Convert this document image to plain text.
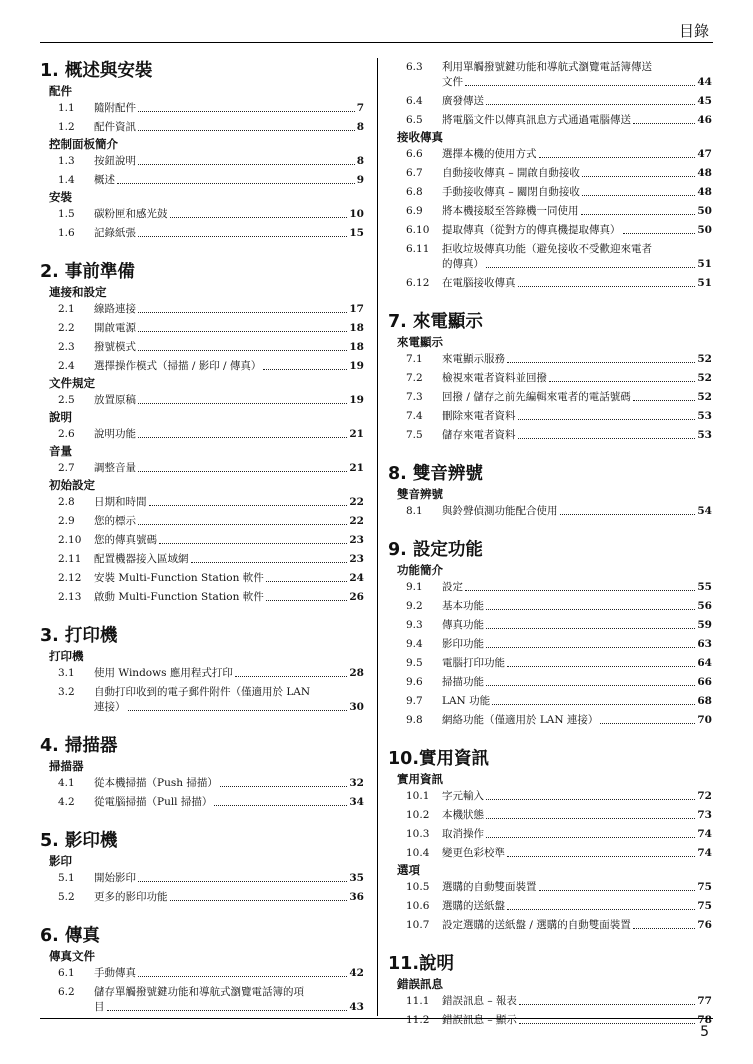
目錄
1. 概述與安裝
配件
1.1	隨附配件	7
1.2	配件資訊	8
控制面板簡介
1.3	按鈕說明	8
1.4	概述	9
安裝
1.5	碳粉匣和感光鼓	10
1.6	記錄紙張	15
2. 事前準備
連接和設定
2.1	線路連接	17
2.2	開啟電源	18
2.3	撥號模式	18
2.4	選擇操作模式（掃描 / 影印 / 傳真）	19
文件規定
2.5	放置原稿	19
說明
2.6	說明功能	21
音量
2.7	調整音量	21
初始設定
2.8	日期和時間	22
2.9	您的標示	22
2.10	您的傳真號碼	23
2.11	配置機器接入區域網	23
2.12	安裝 Multi-Function Station 軟件	24
2.13	啟動 Multi-Function Station 軟件	26
3. 打印機
打印機
3.1	使用 Windows 應用程式打印	28
3.2	自動打印收到的電子郵件附件（僅適用於 LAN
連接）	30
4. 掃描器
掃描器
4.1	從本機掃描（Push 掃描）	32
4.2	從電腦掃描（Pull 掃描）	34
5. 影印機
影印
5.1	開始影印	35
5.2	更多的影印功能	36
6. 傳真
傳真文件
6.1	手動傳真	42
6.2	儲存單觸撥號鍵功能和導航式瀏覽電話簿的項
目	43
6.3	利用單觸撥號鍵功能和導航式瀏覽電話簿傳送
文件	44
6.4	廣發傳送	45
6.5	將電腦文件以傳真訊息方式通過電腦傳送	46
接收傳真
6.6	選擇本機的使用方式	47
6.7	自動接收傳真 – 開啟自動接收	48
6.8	手動接收傳真 – 關閉自動接收	48
6.9	將本機接駁至答錄機一同使用	50
6.10	提取傳真（從對方的傳真機提取傳真）	50
6.11	拒收垃圾傳真功能（避免接收不受歡迎來電者
的傳真）	51
6.12	在電腦接收傳真	51
7. 來電顯示
來電顯示
7.1	來電顯示服務	52
7.2	檢視來電者資料並回撥	52
7.3	回撥 / 儲存之前先編輯來電者的電話號碼	52
7.4	刪除來電者資料	53
7.5	儲存來電者資料	53
8. 雙音辨號
雙音辨號
8.1	與鈴聲偵測功能配合使用	54
9. 設定功能
功能簡介
9.1	設定	55
9.2	基本功能	56
9.3	傳真功能	59
9.4	影印功能	63
9.5	電腦打印功能	64
9.6	掃描功能	66
9.7	LAN 功能	68
9.8	網絡功能（僅適用於 LAN 連接）	70
10.實用資訊
實用資訊
10.1	字元輸入	72
10.2	本機狀態	73
10.3	取消操作	74
10.4	變更色彩校準	74
選項
10.5	選購的自動雙面裝置	75
10.6	選購的送紙盤	75
10.7	設定選購的送紙盤 / 選購的自動雙面裝置	76
11.說明
錯誤訊息
11.1	錯誤訊息 – 報表	77
11.2	錯誤訊息 – 顯示	78
5
